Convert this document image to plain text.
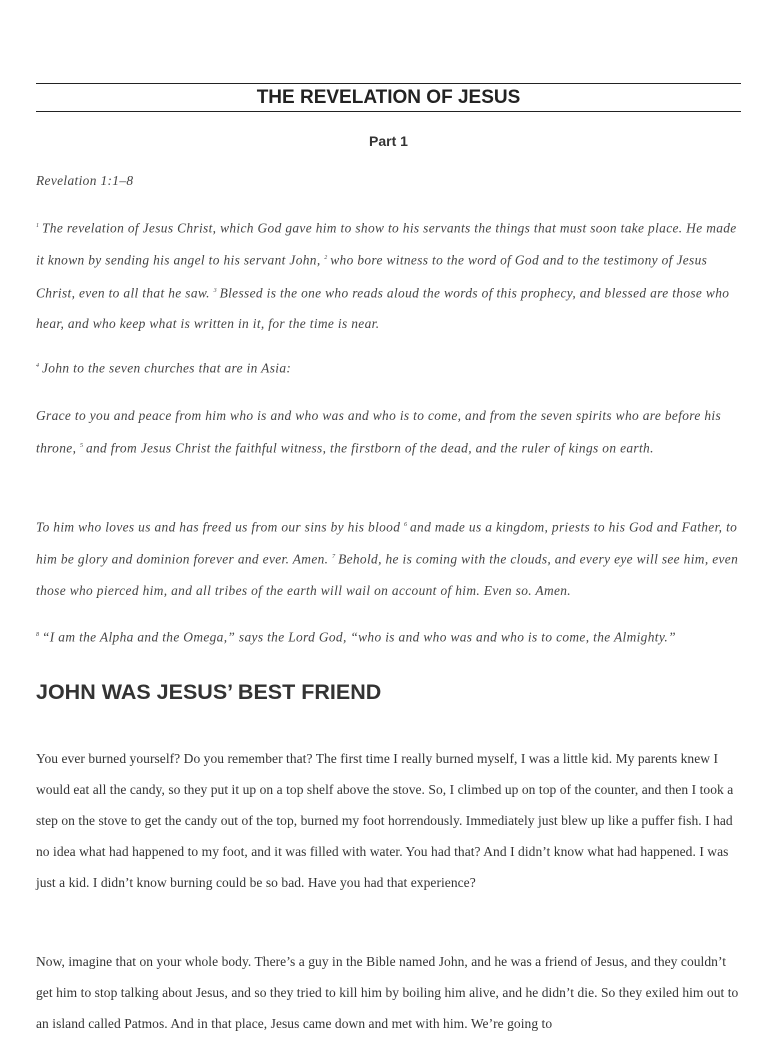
THE REVELATION OF JESUS
Part 1

Revelation 1:1–8

$^1$ The revelation of Jesus Christ, which God gave him to show to his servants the things that must soon take place. He made it known by sending his angel to his servant John, $^2$ who bore witness to the word of God and to the testimony of Jesus Christ, even to all that he saw. $^3$ Blessed is the one who reads aloud the words of this prophecy, and blessed are those who hear, and who keep what is written in it, for the time is near.

$^4$ John to the seven churches that are in Asia:

Grace to you and peace from him who is and who was and who is to come, and from the seven spirits who are before his throne, $^5$ and from Jesus Christ the faithful witness, the firstborn of the dead, and the ruler of kings on earth.

To him who loves us and has freed us from our sins by his blood $^6$ and made us a kingdom, priests to his God and Father, to him be glory and dominion forever and ever. Amen. $^7$ Behold, he is coming with the clouds, and every eye will see him, even those who pierced him, and all tribes of the earth will wail on account of him. Even so. Amen.

$^8$ “I am the Alpha and the Omega,” says the Lord God, “who is and who was and who is to come, the Almighty.”

JOHN WAS JESUS’ BEST FRIEND

You ever burned yourself? Do you remember that? The first time I really burned myself, I was a little kid. My parents knew I would eat all the candy, so they put it up on a top shelf above the stove. So, I climbed up on top of the counter, and then I took a step on the stove to get the candy out of the top, burned my foot horrendously. Immediately just blew up like a puffer fish. I had no idea what had happened to my foot, and it was filled with water. You had that? And I didn’t know what had happened. I was just a kid. I didn’t know burning could be so bad. Have you had that experience?

Now, imagine that on your whole body. There’s a guy in the Bible named John, and he was a friend of Jesus, and they couldn’t get him to stop talking about Jesus, and so they tried to kill him by boiling him alive, and he didn’t die. So they exiled him out to an island called Patmos. And in that place, Jesus came down and met with him. We’re going to
